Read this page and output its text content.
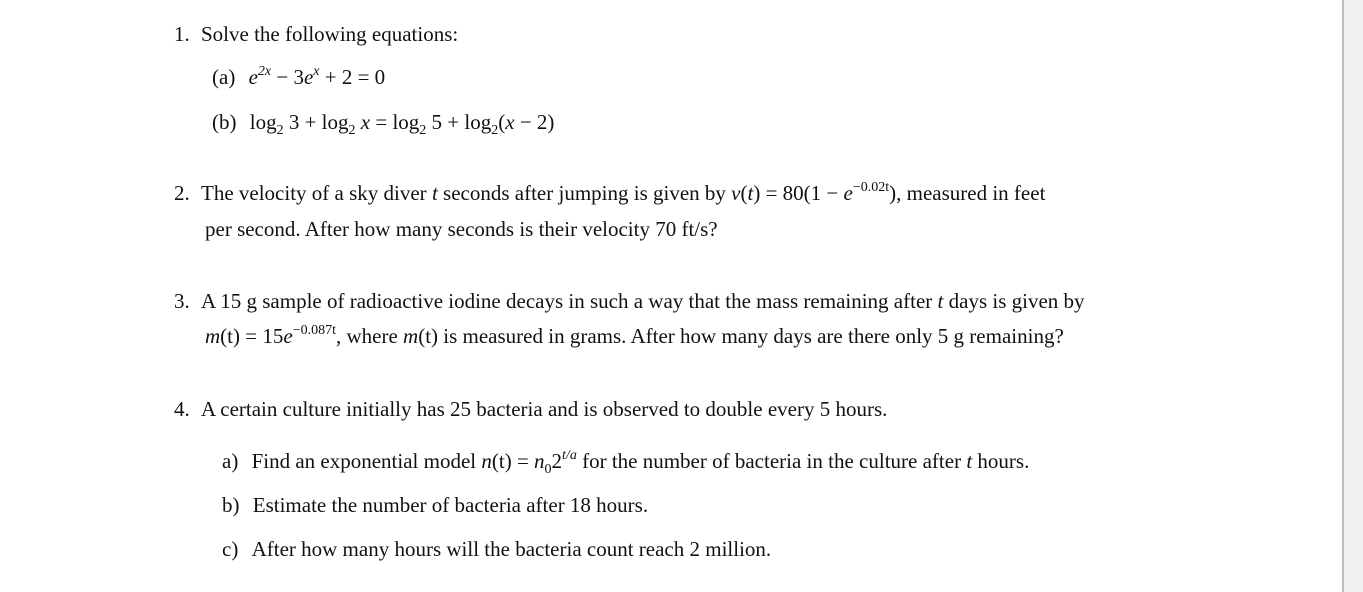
1. Solve the following equations:
(a) $e^{2x} - 3e^x + 2 = 0$
(b) $\log_2 3 + \log_2 x = \log_2 5 + \log_2(x - 2)$
2. The velocity of a sky diver t seconds after jumping is given by $v(t) = 80(1 - e^{-0.02t})$, measured in feet
per second. After how many seconds is their velocity 70 ft/s?
3. A 15 g sample of radioactive iodine decays in such a way that the mass remaining after t days is given by
$m(t) = 15e^{-0.087t}$, where m(t) is measured in grams. After how many days are there only 5 g remaining?
4. A certain culture initially has 25 bacteria and is observed to double every 5 hours.
a) Find an exponential model $n(t) = n_02^{t/a}$ for the number of bacteria in the culture after t hours.
b) Estimate the number of bacteria after 18 hours.
c) After how many hours will the bacteria count reach 2 million.
